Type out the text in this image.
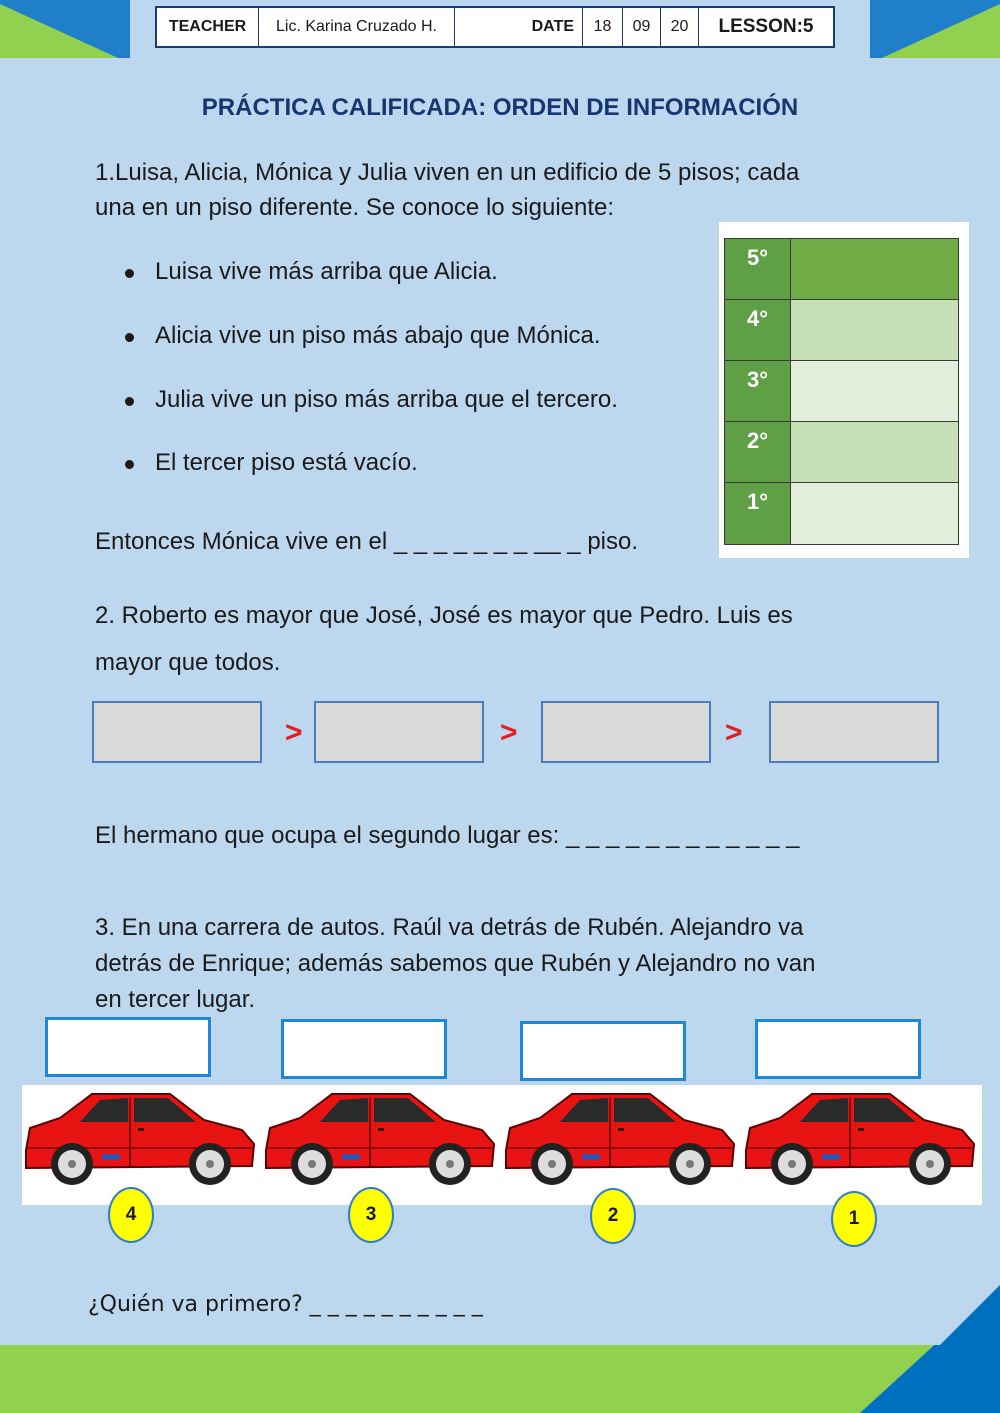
TEACHER	Lic. Karina Cruzado H.	DATE	18	09	20	LESSON:5
PRÁCTICA CALIFICADA: ORDEN DE INFORMACIÓN
1.Luisa, Alicia, Mónica y Julia viven en un edificio de 5 pisos; cada
una en un piso diferente. Se conoce lo siguiente:
Luisa vive más arriba que Alicia.
Alicia vive un piso más abajo que Mónica.
Julia vive un piso más arriba que el tercero.
El tercer piso está vacío.
Entonces Mónica vive en el _ _ _ _ _ _ _ __ _ piso.
5°
4°
3°
2°
1°
2. Roberto es mayor que José, José es mayor que Pedro. Luis es
mayor que todos.
>	>	>
El hermano que ocupa el segundo lugar es: _ _ _ _ _ _ _ _ _ _ _ _
3. En una carrera de autos. Raúl va detrás de Rubén. Alejandro va
detrás de Enrique; además sabemos que Rubén y Alejandro no van
en tercer lugar.
4	3	2	1
¿Quién va primero? _ _ _ _ _ _ _ _ _ _
